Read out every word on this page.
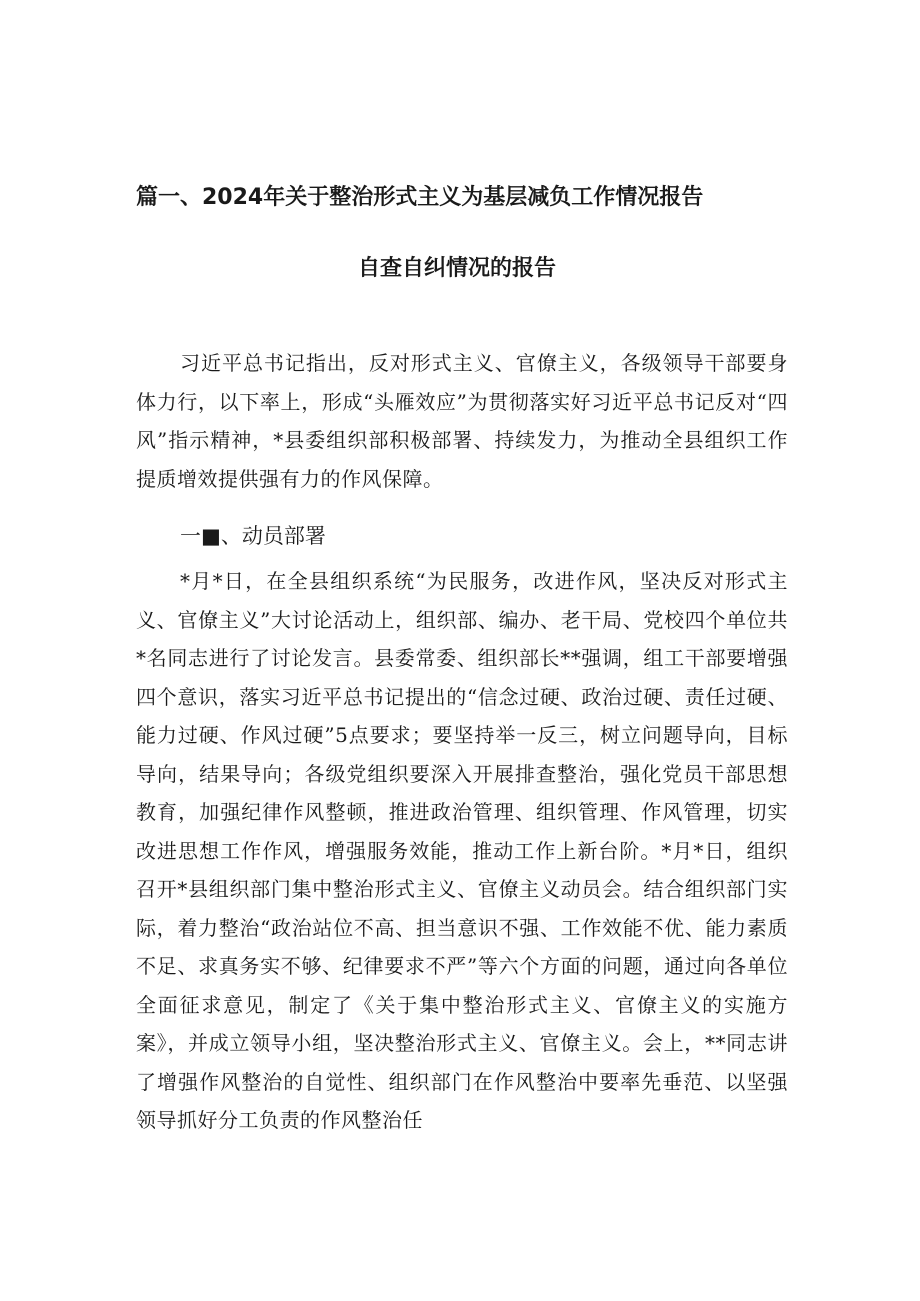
篇一、2024年关于整治形式主义为基层减负工作情况报告
自查自纠情况的报告
习近平总书记指出，反对形式主义、官僚主义，各级领导干部要身体力行，以下率上，形成“头雁效应”为贯彻落实好习近平总书记反对“四风”指示精神，*县委组织部积极部署、持续发力，为推动全县组织工作提质增效提供强有力的作风保障。
一■、动员部署
*月*日，在全县组织系统“为民服务，改进作风，坚决反对形式主义、官僚主义”大讨论活动上，组织部、编办、老干局、党校四个单位共*名同志进行了讨论发言。县委常委、组织部长**强调，组工干部要增强四个意识，落实习近平总书记提出的“信念过硬、政治过硬、责任过硬、能力过硬、作风过硬”5点要求；要坚持举一反三，树立问题导向，目标导向，结果导向；各级党组织要深入开展排查整治，强化党员干部思想教育，加强纪律作风整顿，推进政治管理、组织管理、作风管理，切实改进思想工作作风，增强服务效能，推动工作上新台阶。*月*日，组织召开*县组织部门集中整治形式主义、官僚主义动员会。结合组织部门实际，着力整治“政治站位不高、担当意识不强、工作效能不优、能力素质不足、求真务实不够、纪律要求不严”等六个方面的问题，通过向各单位全面征求意见，制定了《关于集中整治形式主义、官僚主义的实施方案》，并成立领导小组，坚决整治形式主义、官僚主义。会上，**同志讲了增强作风整治的自觉性、组织部门在作风整治中要率先垂范、以坚强领导抓好分工负责的作风整治任
